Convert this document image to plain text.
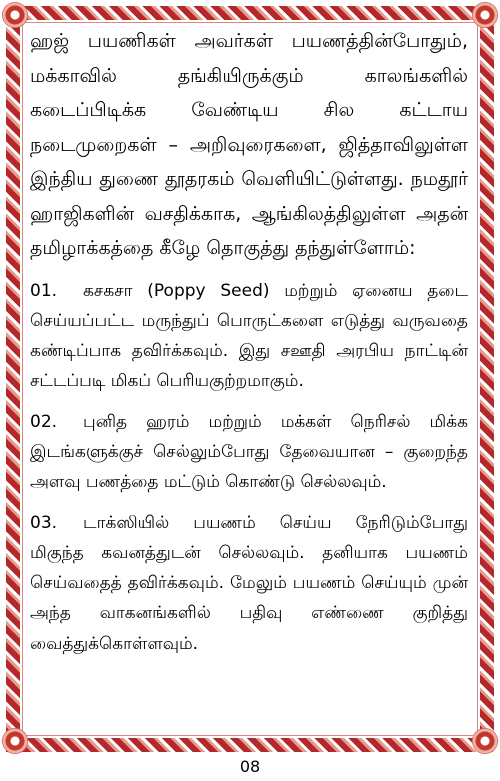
ஹஜ் பயணிகள் அவர்கள் பயணத்தின்போதும், மக்காவில் தங்கியிருக்கும் காலங்களில் கடைப்பிடிக்க வேண்டிய சில கட்டாய நடைமுறைகள் – அறிவுரைகளை, ஜித்தாவிலுள்ள இந்திய துணை தூதரகம் வெளியிட்டுள்ளது. நமதூர் ஹாஜிகளின் வசதிக்காக, ஆங்கிலத்திலுள்ள அதன் தமிழாக்கத்தை கீழே தொகுத்து தந்துள்ளோம்:

01. கசகசா (Poppy Seed) மற்றும் ஏனைய தடை செய்யப்பட்ட மருந்துப் பொருட்களை எடுத்து வருவதை கண்டிப்பாக தவிர்க்கவும். இது சஊதி அரபிய நாட்டின் சட்டப்படி மிகப் பெரியகுற்றமாகும்.

02. புனித ஹரம் மற்றும் மக்கள் நெரிசல் மிக்க இடங்களுக்குச் செல்லும்போது தேவையான – குறைந்த அளவு பணத்தை மட்டும் கொண்டு செல்லவும்.

03. டாக்ஸியில் பயணம் செய்ய நேரிடும்போது மிகுந்த கவனத்துடன் செல்லவும். தனியாக பயணம் செய்வதைத் தவிர்க்கவும். மேலும் பயணம் செய்யும் முன் அந்த வாகனங்களில் பதிவு எண்ணை குறித்து வைத்துக்கொள்ளவும்.

08
